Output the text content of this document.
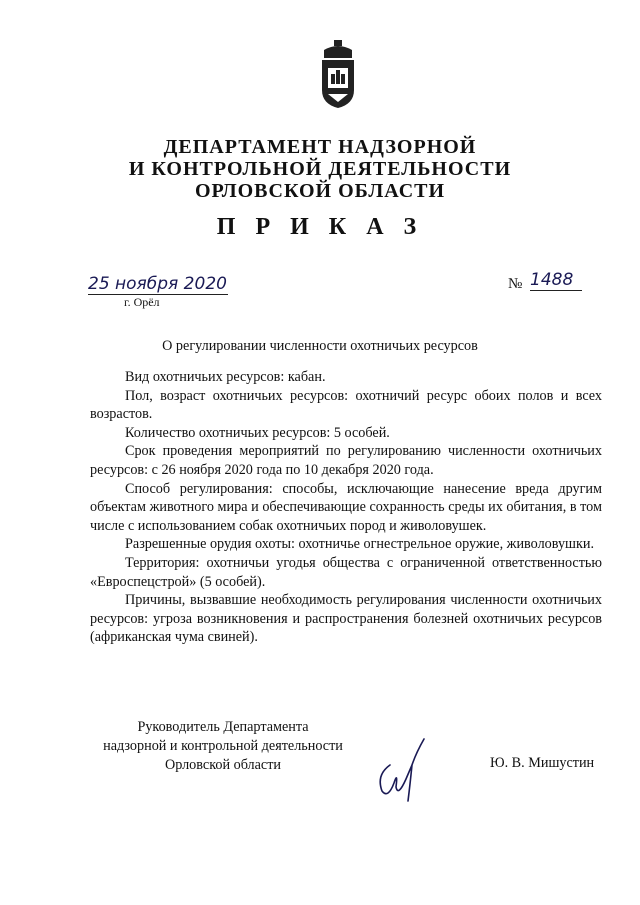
ДЕПАРТАМЕНТ НАДЗОРНОЙ
И КОНТРОЛЬНОЙ ДЕЯТЕЛЬНОСТИ
ОРЛОВСКОЙ ОБЛАСТИ
П Р И К А З
25 ноября 2020
г. Орёл
№ 1488
О регулировании численности охотничьих ресурсов

Вид охотничьих ресурсов: кабан.

Пол, возраст охотничьих ресурсов: охотничий ресурс обоих полов и всех возрастов.

Количество охотничьих ресурсов: 5 особей.

Срок проведения мероприятий по регулированию численности охотничьих ресурсов: с 26 ноября 2020 года по 10 декабря 2020 года.

Способ регулирования: способы, исключающие нанесение вреда другим объектам животного мира и обеспечивающие сохранность среды их обитания, в том числе с использованием собак охотничьих пород и живоловушек.

Разрешенные орудия охоты: охотничье огнестрельное оружие, живоловушки.

Территория: охотничьи угодья общества с ограниченной ответственностью «Евроспецстрой» (5 особей).

Причины, вызвавшие необходимость регулирования численности охотничьих ресурсов: угроза возникновения и распространения болезней охотничьих ресурсов (африканская чума свиней).

Руководитель Департамента
надзорной и контрольной деятельности
Орловской области	Ю. В. Мишустин
